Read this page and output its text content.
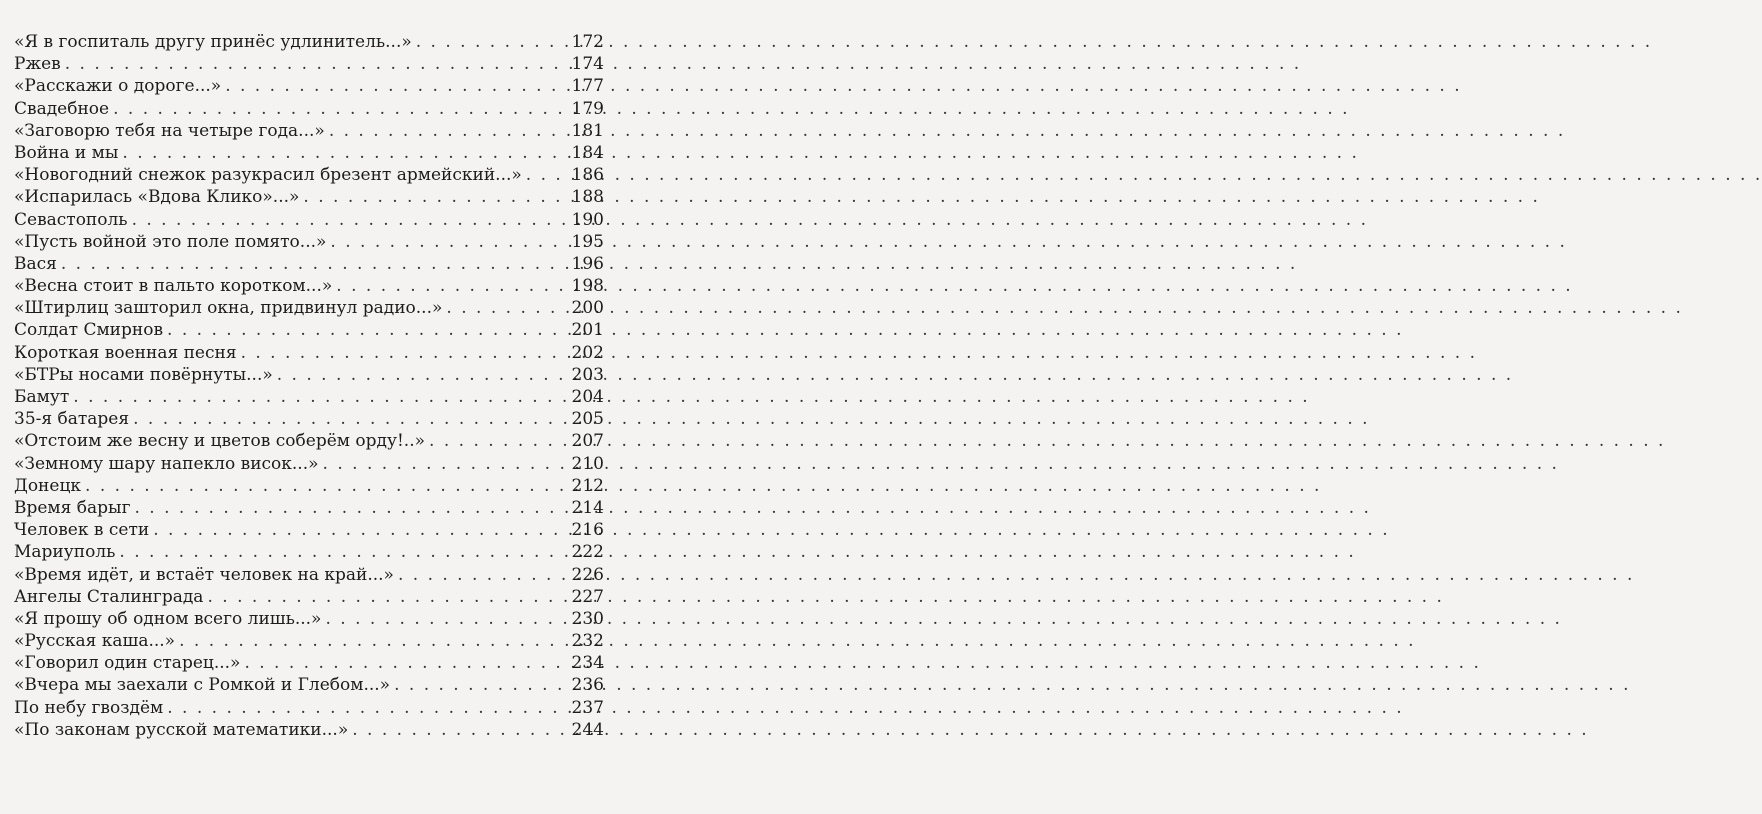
«Я в госпиталь другу принёс удлинитель...» . . .	172
Ржев . . .	174
«Расскажи о дороге...» . . .	177
Свадебное . . .	179
«Заговорю тебя на четыре года...» . . .	181
Война и мы . . .	184
«Новогодний снежок разукрасил брезент армейский...» . . .	186
«Испарилась «Вдова Клико»...» . . .	188
Севастополь . . .	190
«Пусть войной это поле помято...» . . .	195
Вася . . .	196
«Весна стоит в пальто коротком...» . . .	198
«Штирлиц зашторил окна, придвинул радио...» . . .	200
Солдат Смирнов . . .	201
Короткая военная песня . . .	202
«БТРы носами повёрнуты...» . . .	203
Бамут . . .	204
35-я батарея . . .	205
«Отстоим же весну и цветов соберём орду!..» . . .	207
«Земному шару напекло висок...» . . .	210
Донецк . . .	212
Время барыг . . .	214
Человек в сети . . .	216
Мариуполь . . .	222
«Время идёт, и встаёт человек на край...» . . .	226
Ангелы Сталинграда . . .	227
«Я прошу об одном всего лишь...» . . .	230
«Русская каша...» . . .	232
«Говорил один старец...» . . .	234
«Вчера мы заехали с Ромкой и Глебом...» . . .	236
По небу гвоздём . . .	237
«По законам русской математики...» . . .	244
